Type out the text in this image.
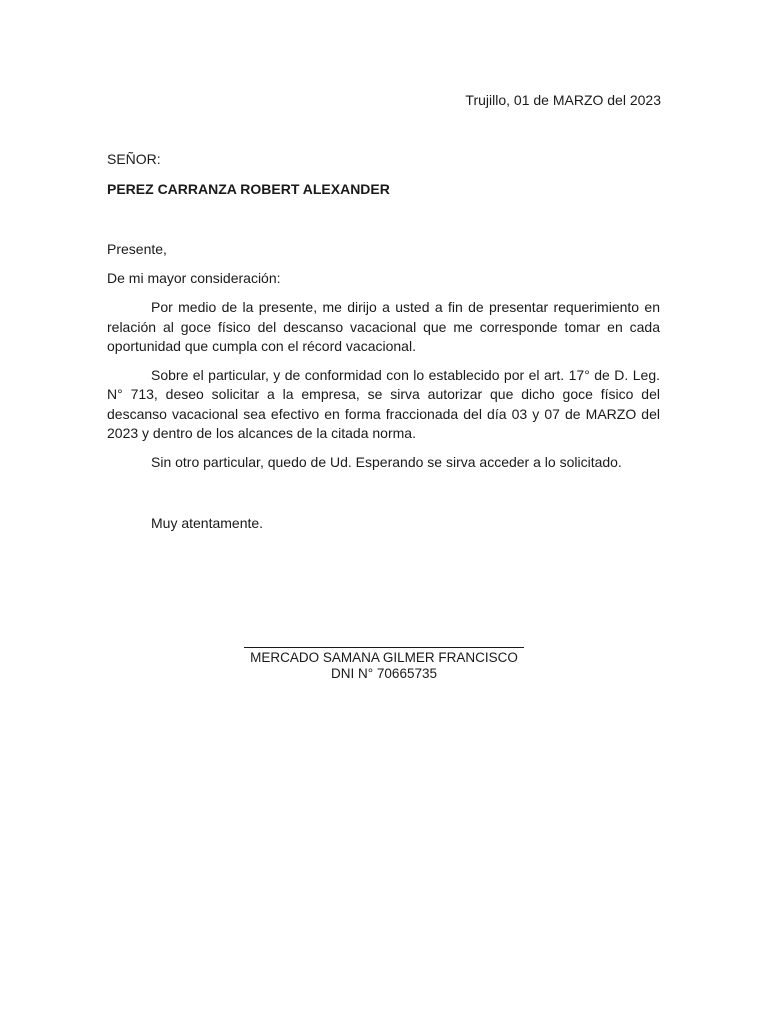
Trujillo, 01 de MARZO del 2023
SEÑOR:
PEREZ CARRANZA ROBERT ALEXANDER
Presente,
De mi mayor consideración:

Por medio de la presente, me dirijo a usted a fin de presentar requerimiento en relación al goce físico del descanso vacacional que me corresponde tomar en cada oportunidad que cumpla con el récord vacacional.

Sobre el particular, y de conformidad con lo establecido por el art. 17° de D. Leg. N° 713, deseo solicitar a la empresa, se sirva autorizar que dicho goce físico del descanso vacacional sea efectivo en forma fraccionada del día 03 y 07 de MARZO del 2023 y dentro de los alcances de la citada norma.

Sin otro particular, quedo de Ud. Esperando se sirva acceder a lo solicitado.

Muy atentamente.
MERCADO SAMANA GILMER FRANCISCO
DNI N° 70665735
